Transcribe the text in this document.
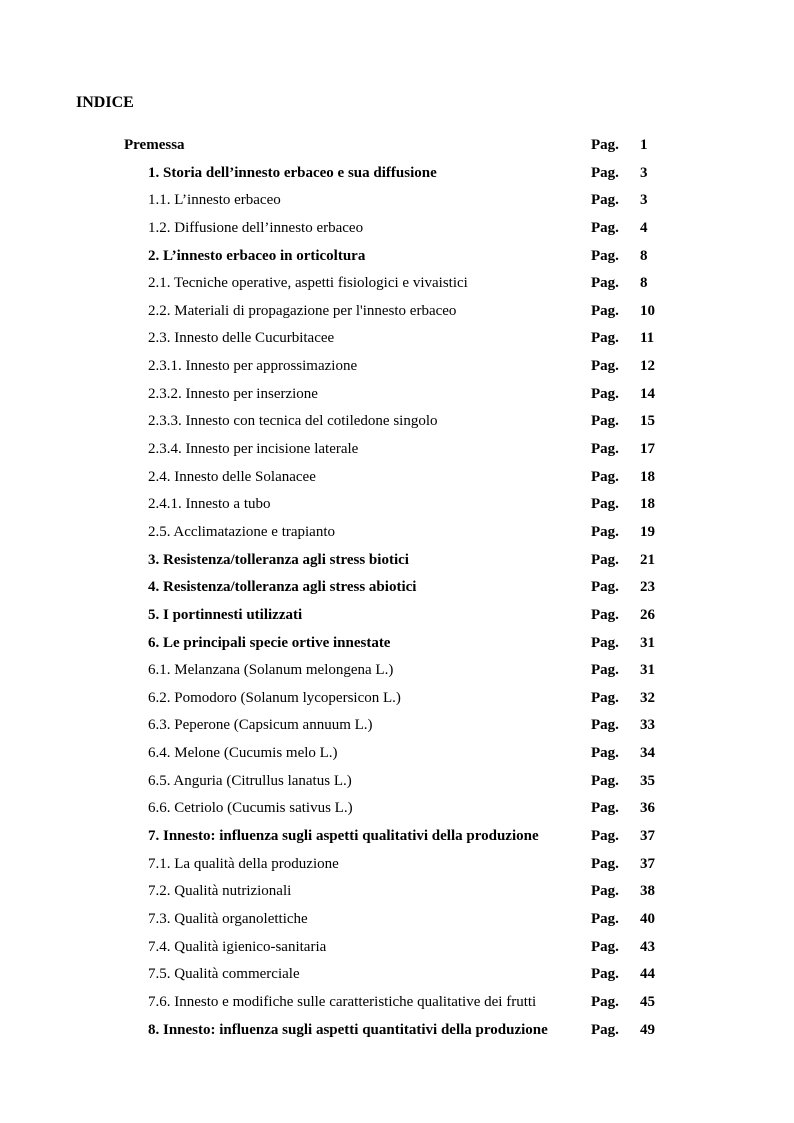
INDICE
Premessa	Pag. 1
1. Storia dell’innesto erbaceo e sua diffusione	Pag. 3
1.1. L’innesto erbaceo	Pag. 3
1.2. Diffusione dell’innesto erbaceo	Pag. 4
2. L’innesto erbaceo in orticoltura	Pag. 8
2.1. Tecniche operative, aspetti fisiologici e vivaistici	Pag. 8
2.2. Materiali di propagazione per l'innesto erbaceo	Pag. 10
2.3. Innesto delle Cucurbitacee	Pag. 11
2.3.1. Innesto per approssimazione	Pag. 12
2.3.2. Innesto per inserzione	Pag. 14
2.3.3. Innesto con tecnica del cotiledone singolo	Pag. 15
2.3.4. Innesto per incisione laterale	Pag. 17
2.4. Innesto delle Solanacee	Pag. 18
2.4.1. Innesto a tubo	Pag. 18
2.5. Acclimatazione e trapianto	Pag. 19
3. Resistenza/tolleranza agli stress biotici	Pag. 21
4. Resistenza/tolleranza agli stress abiotici	Pag. 23
5. I portinnesti utilizzati	Pag. 26
6. Le principali specie ortive innestate	Pag. 31
6.1. Melanzana (Solanum melongena L.)	Pag. 31
6.2. Pomodoro (Solanum lycopersicon L.)	Pag. 32
6.3. Peperone (Capsicum annuum L.)	Pag. 33
6.4. Melone (Cucumis melo L.)	Pag. 34
6.5. Anguria (Citrullus lanatus L.)	Pag. 35
6.6. Cetriolo (Cucumis sativus L.)	Pag. 36
7. Innesto: influenza sugli aspetti qualitativi della produzione	Pag. 37
7.1. La qualità della produzione	Pag. 37
7.2. Qualità nutrizionali	Pag. 38
7.3. Qualità organolettiche	Pag. 40
7.4. Qualità igienico-sanitaria	Pag. 43
7.5. Qualità commerciale	Pag. 44
7.6. Innesto e modifiche sulle caratteristiche qualitative dei frutti	Pag. 45
8. Innesto: influenza sugli aspetti quantitativi della produzione	Pag. 49
